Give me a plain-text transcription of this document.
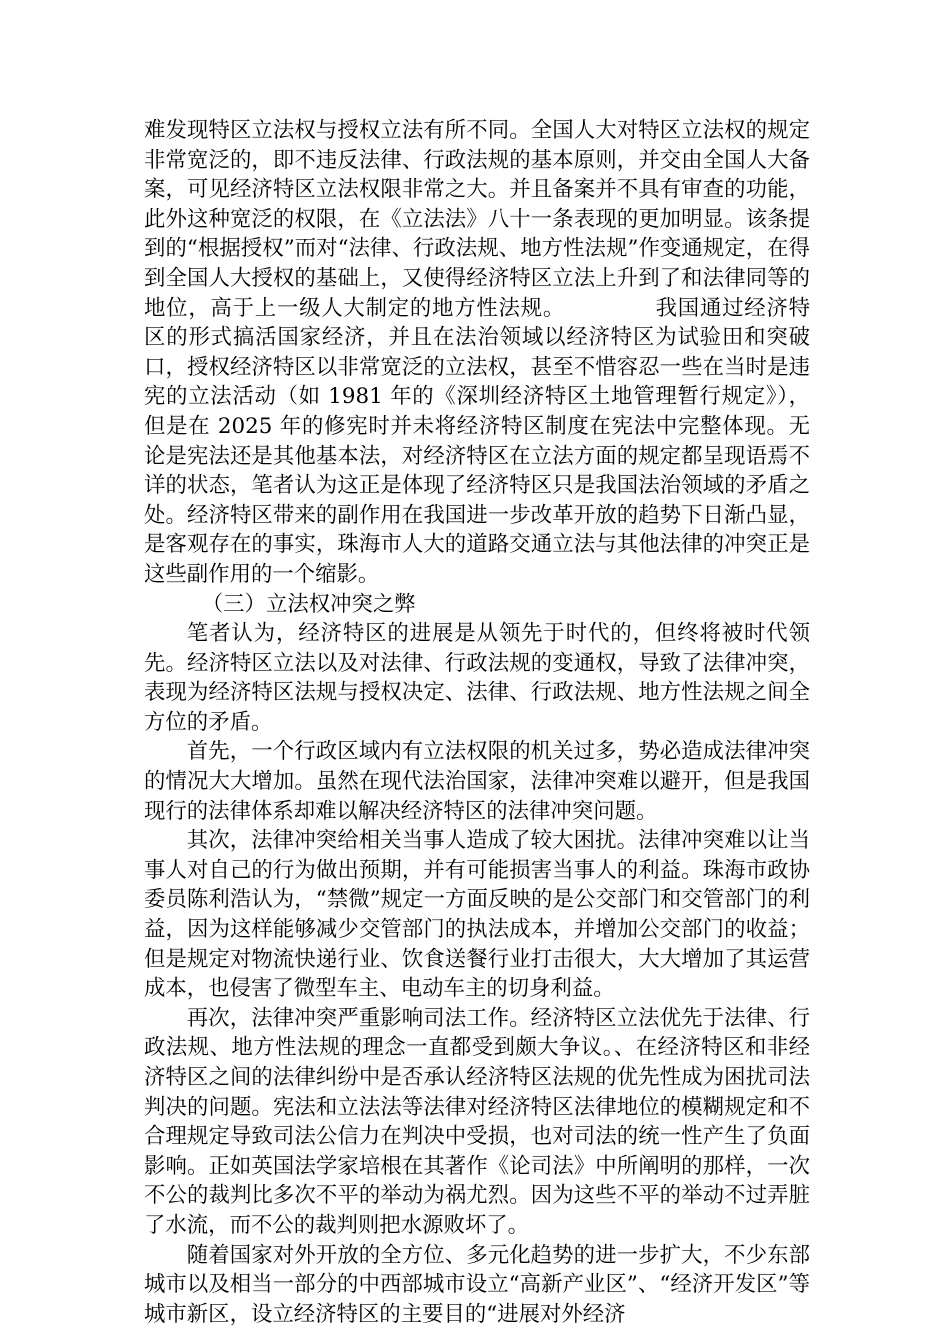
难发现特区立法权与授权立法有所不同。全国人大对特区立法权的规定非常宽泛的，即不违反法律、行政法规的基本原则，并交由全国人大备案，可见经济特区立法权限非常之大。并且备案并不具有审查的功能，此外这种宽泛的权限，在《立法法》八十一条表现的更加明显。该条提到的“根据授权”而对“法律、行政法规、地方性法规”作变通规定，在得到全国人大授权的基础上，又使得经济特区立法上升到了和法律同等的地位，高于上一级人大制定的地方性法规。	我国通过经济特区的形式搞活国家经济，并且在法治领域以经济特区为试验田和突破口，授权经济特区以非常宽泛的立法权，甚至不惜容忍一些在当时是违宪的立法活动（如 1981 年的《深圳经济特区土地管理暂行规定》），但是在 2025 年的修宪时并未将经济特区制度在宪法中完整体现。无论是宪法还是其他基本法，对经济特区在立法方面的规定都呈现语焉不详的状态，笔者认为这正是体现了经济特区只是我国法治领域的矛盾之处。经济特区带来的副作用在我国进一步改革开放的趋势下日渐凸显，是客观存在的事实，珠海市人大的道路交通立法与其他法律的冲突正是这些副作用的一个缩影。

（三）立法权冲突之弊

笔者认为，经济特区的进展是从领先于时代的，但终将被时代领先。经济特区立法以及对法律、行政法规的变通权，导致了法律冲突，表现为经济特区法规与授权决定、法律、行政法规、地方性法规之间全方位的矛盾。

首先，一个行政区域内有立法权限的机关过多，势必造成法律冲突的情况大大增加。虽然在现代法治国家，法律冲突难以避开，但是我国现行的法律体系却难以解决经济特区的法律冲突问题。

其次，法律冲突给相关当事人造成了较大困扰。法律冲突难以让当事人对自己的行为做出预期，并有可能损害当事人的利益。珠海市政协委员陈利浩认为，“禁微”规定一方面反映的是公交部门和交管部门的利益，因为这样能够减少交管部门的执法成本，并增加公交部门的收益；但是规定对物流快递行业、饮食送餐行业打击很大，大大增加了其运营成本，也侵害了微型车主、电动车主的切身利益。

再次，法律冲突严重影响司法工作。经济特区立法优先于法律、行政法规、地方性法规的理念一直都受到颇大争议。、在经济特区和非经济特区之间的法律纠纷中是否承认经济特区法规的优先性成为困扰司法判决的问题。宪法和立法法等法律对经济特区法律地位的模糊规定和不合理规定导致司法公信力在判决中受损，也对司法的统一性产生了负面影响。正如英国法学家培根在其著作《论司法》中所阐明的那样，一次不公的裁判比多次不平的举动为祸尤烈。因为这些不平的举动不过弄脏了水流，而不公的裁判则把水源败坏了。

随着国家对外开放的全方位、多元化趋势的进一步扩大，不少东部城市以及相当一部分的中西部城市设立“高新产业区”、“经济开发区”等城市新区，设立经济特区的主要目的“进展对外经济
